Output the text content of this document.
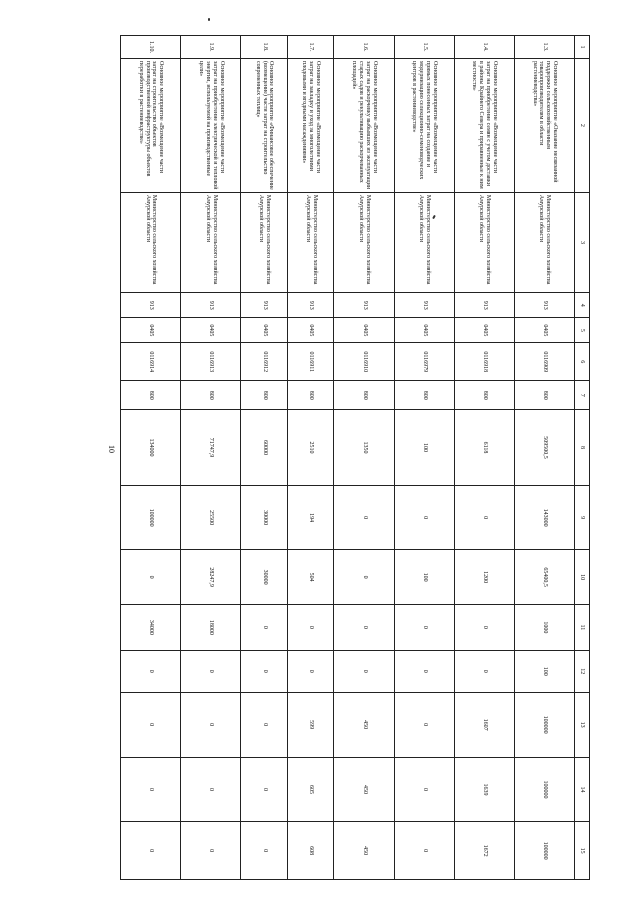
10
1	2	3	4	5	6	7	8	9	10	11	12	13	14	15
1.3.	Основное мероприятие «Оказание несвязанной поддержки сельскохозяйственным товаропроизводителям в области растениеводства»	Министерство сельского хозяйства Амурской области	913	0405	0116909	800	509500,5	143000	65400,5	1000	100	100000	100000	100000
1.4.	Основное мероприятие «Возмещение части затрат на приобретение семян с учетом доставки в районы Крайнего Севера и приравненные к ним местности»	Министерство сельского хозяйства Амурской области	913	0405	0116918	800	6118	0	1200	0	0	1607	1639	1672
1.5.	Основное мероприятие «Возмещение части прямых понесенных затрат на создание и модернизацию селекционно-семеноводческих центров в растениеводстве»	Министерство сельского хозяйства Амурской области	913	0405	0116979	800	100	0	100	0	0	0	0	0
1.6.	Основное мероприятие «Возмещение части затрат на раскорчевку выбывших из эксплуатации старых садов и рекультивацию раскорчеванных площадей»	Министерство сельского хозяйства Амурской области	913	0405	0116910	800	1350	0	0	0	0	450	450	450
1.7.	Основное мероприятие «Возмещение части затрат на закладку и уход за многолетними плодовыми и ягодными насаждениями»	Министерство сельского хозяйства Амурской области	913	0405	0116911	800	2510	194	504	0	0	599	605	608
1.8.	Основное мероприятие «Финансовое обеспечение (возмещение) части затрат на строительство современных теплиц»	Министерство сельского хозяйства Амурской области	913	0405	0116912	800	60000	30000	30000	0	0	0	0	0
1.9.	Основное мероприятие «Возмещение части затрат на приобретение электрической и тепловой энергии, используемой на производственные цели»	Министерство сельского хозяйства Амурской области	913	0405	0116913	800	71747,9	25500	28247,9	18000	0	0	0	0
1.10.	Основное мероприятие «Возмещение части затрат на строительство объектов производственной инфраструктуры объектов переработки в растениеводстве»	Министерство сельского хозяйства Амурской области	913	0405	0116914	800	134000	100000	0	34000	0	0	0	0
